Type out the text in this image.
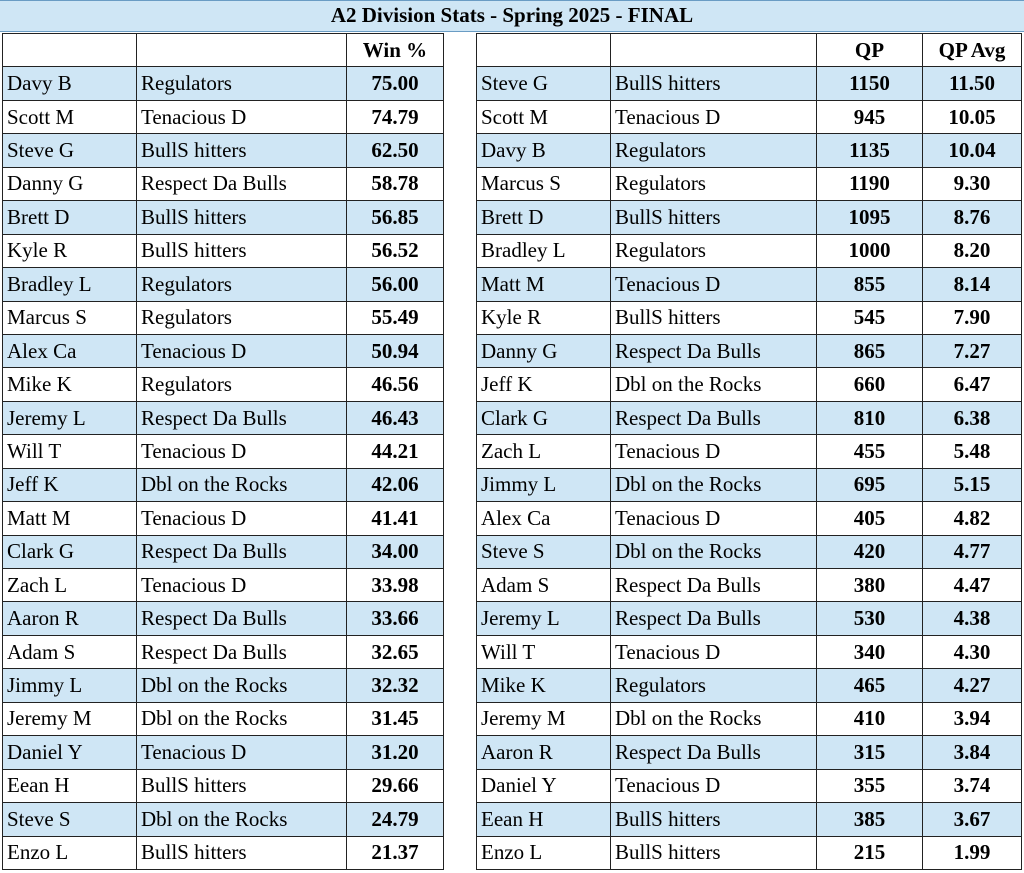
A2 Division Stats - Spring 2025 - FINAL
		Win %
Davy B	Regulators	75.00
Scott M	Tenacious D	74.79
Steve G	BullS hitters	62.50
Danny G	Respect Da Bulls	58.78
Brett D	BullS hitters	56.85
Kyle R	BullS hitters	56.52
Bradley L	Regulators	56.00
Marcus S	Regulators	55.49
Alex Ca	Tenacious D	50.94
Mike K	Regulators	46.56
Jeremy L	Respect Da Bulls	46.43
Will T	Tenacious D	44.21
Jeff K	Dbl on the Rocks	42.06
Matt M	Tenacious D	41.41
Clark G	Respect Da Bulls	34.00
Zach L	Tenacious D	33.98
Aaron R	Respect Da Bulls	33.66
Adam S	Respect Da Bulls	32.65
Jimmy L	Dbl on the Rocks	32.32
Jeremy M	Dbl on the Rocks	31.45
Daniel Y	Tenacious D	31.20
Eean H	BullS hitters	29.66
Steve S	Dbl on the Rocks	24.79
Enzo L	BullS hitters	21.37
		QP	QP Avg
Steve G	BullS hitters	1150	11.50
Scott M	Tenacious D	945	10.05
Davy B	Regulators	1135	10.04
Marcus S	Regulators	1190	9.30
Brett D	BullS hitters	1095	8.76
Bradley L	Regulators	1000	8.20
Matt M	Tenacious D	855	8.14
Kyle R	BullS hitters	545	7.90
Danny G	Respect Da Bulls	865	7.27
Jeff K	Dbl on the Rocks	660	6.47
Clark G	Respect Da Bulls	810	6.38
Zach L	Tenacious D	455	5.48
Jimmy L	Dbl on the Rocks	695	5.15
Alex Ca	Tenacious D	405	4.82
Steve S	Dbl on the Rocks	420	4.77
Adam S	Respect Da Bulls	380	4.47
Jeremy L	Respect Da Bulls	530	4.38
Will T	Tenacious D	340	4.30
Mike K	Regulators	465	4.27
Jeremy M	Dbl on the Rocks	410	3.94
Aaron R	Respect Da Bulls	315	3.84
Daniel Y	Tenacious D	355	3.74
Eean H	BullS hitters	385	3.67
Enzo L	BullS hitters	215	1.99
